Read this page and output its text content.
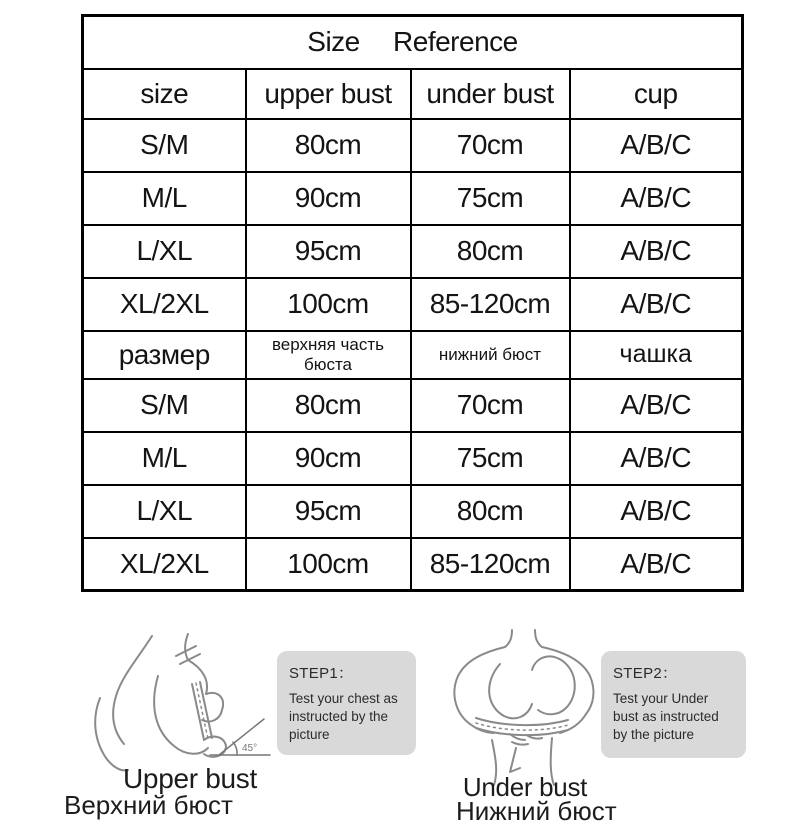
Size Reference			
size	upper bust	under bust	cup
S/M	80cm	70cm	A/B/C
M/L	90cm	75cm	A/B/C
L/XL	95cm	80cm	A/B/C
XL/2XL	100cm	85-120cm	A/B/C
размер	верхняя часть бюста	нижний бюст	чашка
S/M	80cm	70cm	A/B/C
M/L	90cm	75cm	A/B/C
L/XL	95cm	80cm	A/B/C
XL/2XL	100cm	85-120cm	A/B/C
45°
STEP1：
Test your chest as instructed by the picture
STEP2：
Test your Under bust as instructed by the picture
Upper bust	Under bust
Верхний бюст	Нижний бюст
